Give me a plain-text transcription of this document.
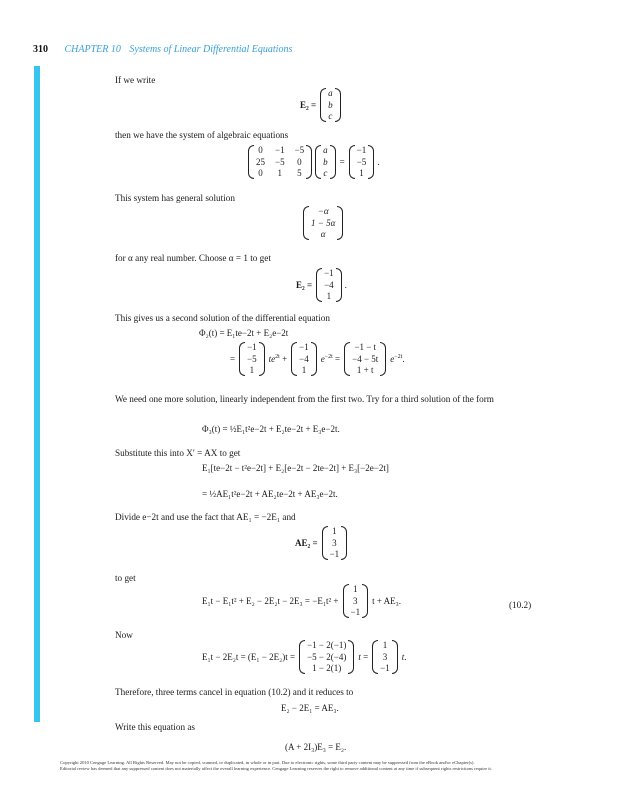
310 CHAPTER 10 Systems of Linear Differential Equations
If we write
E₂ =
a
b
c
then we have the system of algebraic equations
0 −1 −5
25 −5 0
0 1 5
a
b
c
=
−1
−5
1
.
This system has general solution
−α
1 − 5α
α
for α any real number. Choose α = 1 to get
E₂ =
−1
−4
1
.
This gives us a second solution of the differential equation
Φ₂(t) = E₁te−2t + E₂e−2t
=
−1
−5
1
$te^{2t}$ +
−1
−4
1
$e^{-2t}$ =
−1 − t
−4 − 5t
1 + t
$e^{-2t}$.
We need one more solution, linearly independent from the first two. Try for a third solution of the form
Φ₃(t) = ½E₁t²e−2t + E₂te−2t + E₃e−2t.
Substitute this into X′ = AX to get
E₁[te−2t − t²e−2t] + E₂[e−2t − 2te−2t] + E₃[−2e−2t]
= ½AE₁t²e−2t + AE₂te−2t + AE₃e−2t.
Divide e−2t and use the fact that AE₁ = −2E₁ and
AE₂ =
1
3
−1
to get
E₁t − E₁t² + E₂ − 2E₂t − 2E₃ = −E₁t² +
1
3
−1
t + AE₃.	(10.2)
Now
E₁t − 2E₂t = (E₁ − 2E₂)t =
−1 − 2(−1)
−5 − 2(−4)
1 − 2(1)
t =
1
3
−1
t.
Therefore, three terms cancel in equation (10.2) and it reduces to
E₂ − 2E₁ = AE₃.
Write this equation as
(A + 2I₃)E₃ = E₂.
Copyright 2010 Cengage Learning. All Rights Reserved. May not be copied, scanned, or duplicated, in whole or in part. Due to electronic rights, some third party content may be suppressed from the eBook and/or eChapter(s).
Editorial review has deemed that any suppressed content does not materially affect the overall learning experience. Cengage Learning reserves the right to remove additional content at any time if subsequent rights restrictions require it.
